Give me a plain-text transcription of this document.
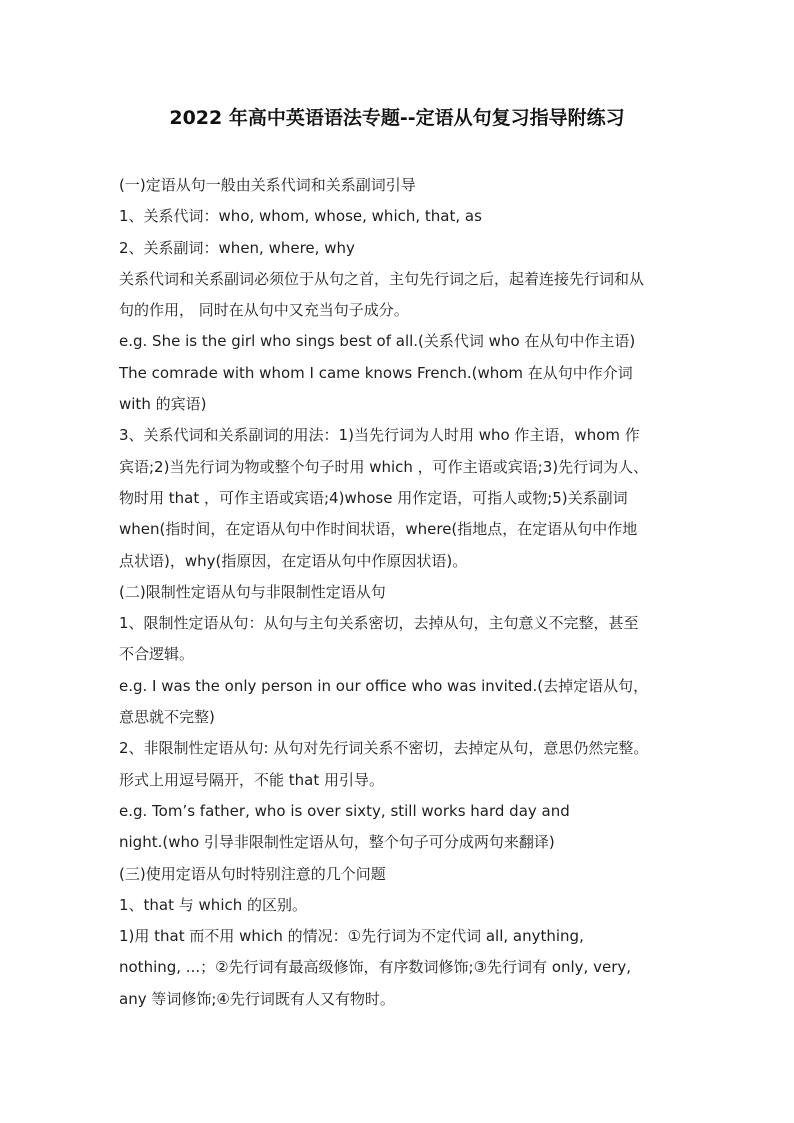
2022 年高中英语语法专题--定语从句复习指导附练习
(一)定语从句一般由关系代词和关系副词引导
1、关系代词：who, whom, whose, which, that, as
2、关系副词：when, where, why
关系代词和关系副词必须位于从句之首，主句先行词之后，起着连接先行词和从
句的作用， 同时在从句中又充当句子成分。
e.g. She is the girl who sings best of all.(关系代词 who 在从句中作主语)
The comrade with whom I came knows French.(whom 在从句中作介词
with 的宾语)
3、关系代词和关系副词的用法：1)当先行词为人时用 who 作主语，whom 作
宾语;2)当先行词为物或整个句子时用 which ，可作主语或宾语;3)先行词为人、
物时用 that ，可作主语或宾语;4)whose 用作定语，可指人或物;5)关系副词
when(指时间，在定语从句中作时间状语，where(指地点，在定语从句中作地
点状语)，why(指原因，在定语从句中作原因状语)。
(二)限制性定语从句与非限制性定语从句
1、限制性定语从句：从句与主句关系密切，去掉从句，主句意义不完整，甚至
不合逻辑。
e.g. I was the only person in our office who was invited.(去掉定语从句，
意思就不完整)
2、非限制性定语从句: 从句对先行词关系不密切，去掉定从句，意思仍然完整。
形式上用逗号隔开，不能 that 用引导。
e.g. Tom’s father, who is over sixty, still works hard day and
night.(who 引导非限制性定语从句，整个句子可分成两句来翻译)
(三)使用定语从句时特别注意的几个问题
1、that 与 which 的区别。
1)用 that 而不用 which 的情况：①先行词为不定代词 all, anything,
nothing, ...；②先行词有最高级修饰，有序数词修饰;③先行词有 only, very,
any 等词修饰;④先行词既有人又有物时。
